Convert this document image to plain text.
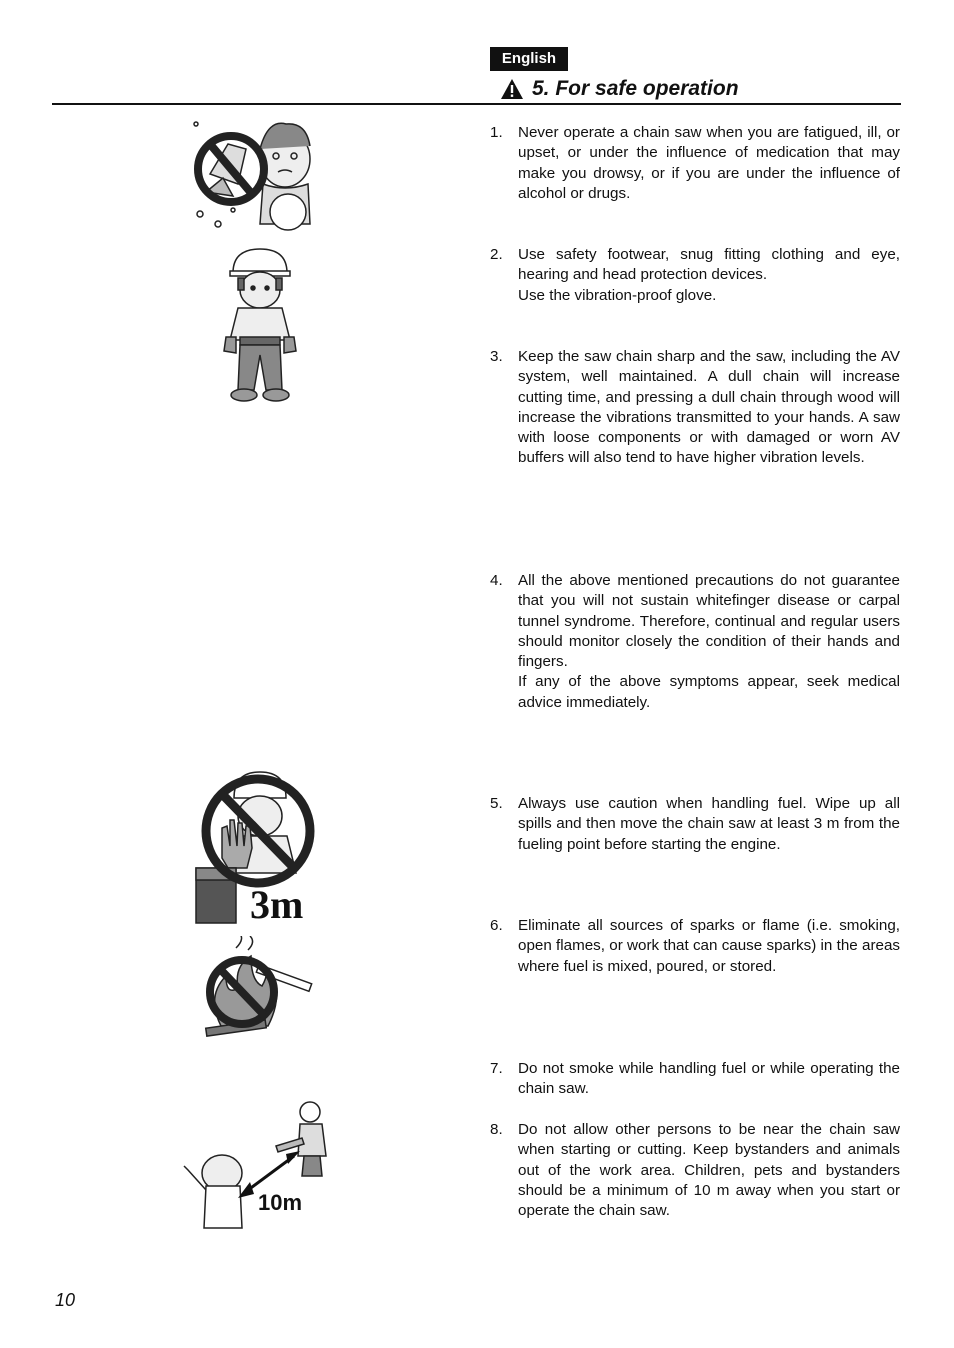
English
5. For safe operation
3m
10m
1.	Never operate a chain saw when you are fatigued, ill, or upset, or under the influence of medication that may make you drowsy, or if you are under the influence of alcohol or drugs.

2.	Use safety footwear, snug fitting clothing and eye, hearing and head protection devices.

Use the vibration-proof glove.

3.	Keep the saw chain sharp and the saw, including the AV system, well maintained. A dull chain will increase cutting time, and pressing a dull chain through wood will increase the vibrations transmitted to your hands. A saw with loose components or with damaged or worn AV buffers will also tend to have higher vibration levels.

4.	All the above mentioned precautions do not guarantee that you will not sustain whitefinger disease or carpal tunnel syndrome. Therefore, continual and regular users should monitor closely the condition of their hands and fingers.

If any of the above symptoms appear, seek medical advice immediately.

5.	Always use caution when handling fuel. Wipe up all spills and then move the chain saw at least 3 m from the fueling point before starting the engine.

6.	Eliminate all sources of sparks or flame (i.e. smoking, open flames, or work that can cause sparks) in the areas where fuel is mixed, poured, or stored.

7.	Do not smoke while handling fuel or while operating the chain saw.

8.	Do not allow other persons to be near the chain saw when starting or cutting. Keep bystanders and animals out of the work area. Children, pets and bystanders should be a minimum of 10 m away when you start or operate the chain saw.

10
